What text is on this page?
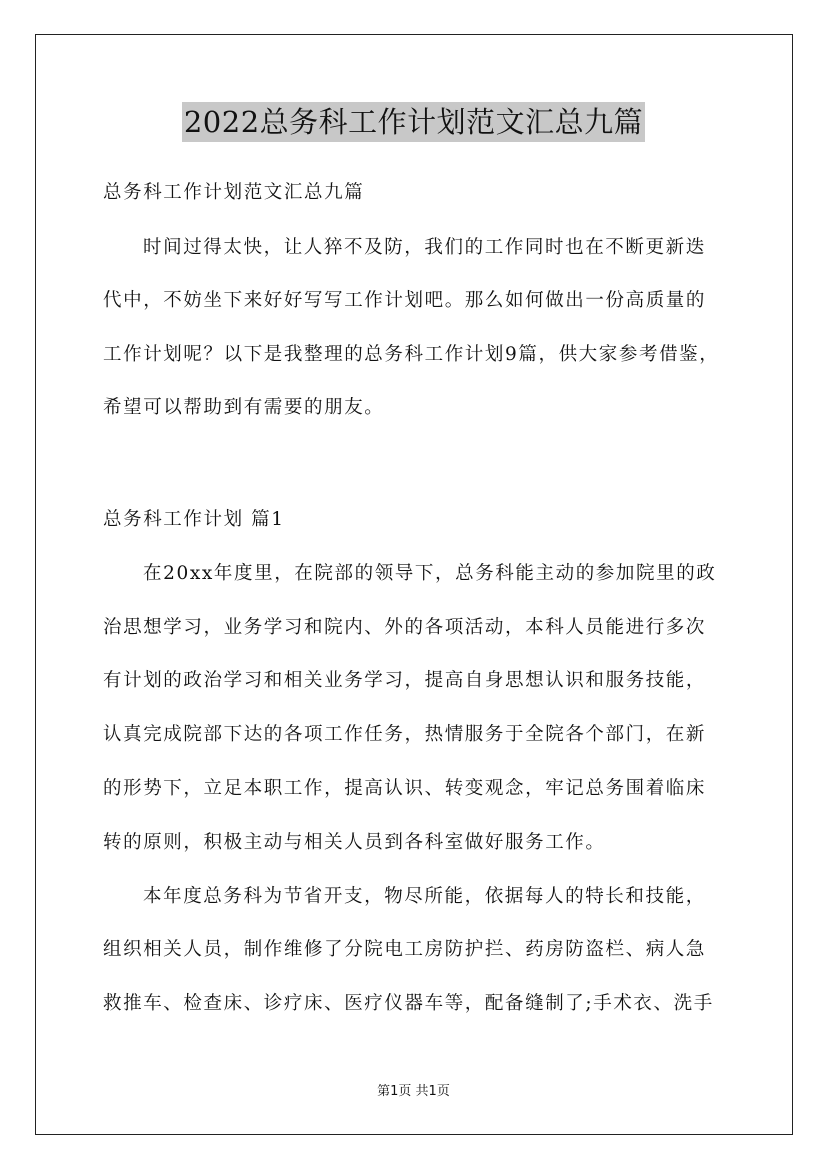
2022总务科工作计划范文汇总九篇
总务科工作计划范文汇总九篇
时间过得太快，让人猝不及防，我们的工作同时也在不断更新迭
代中，不妨坐下来好好写写工作计划吧。那么如何做出一份高质量的
工作计划呢？以下是我整理的总务科工作计划9篇，供大家参考借鉴，
希望可以帮助到有需要的朋友。
总务科工作计划 篇1
在20xx年度里，在院部的领导下，总务科能主动的参加院里的政
治思想学习，业务学习和院内、外的各项活动，本科人员能进行多次
有计划的政治学习和相关业务学习，提高自身思想认识和服务技能，
认真完成院部下达的各项工作任务，热情服务于全院各个部门，在新
的形势下，立足本职工作，提高认识、转变观念，牢记总务围着临床
转的原则，积极主动与相关人员到各科室做好服务工作。
本年度总务科为节省开支，物尽所能，依据每人的特长和技能，
组织相关人员，制作维修了分院电工房防护拦、药房防盗栏、病人急
救推车、检查床、诊疗床、医疗仪器车等，配备缝制了;手术衣、洗手
第1页 共1页
